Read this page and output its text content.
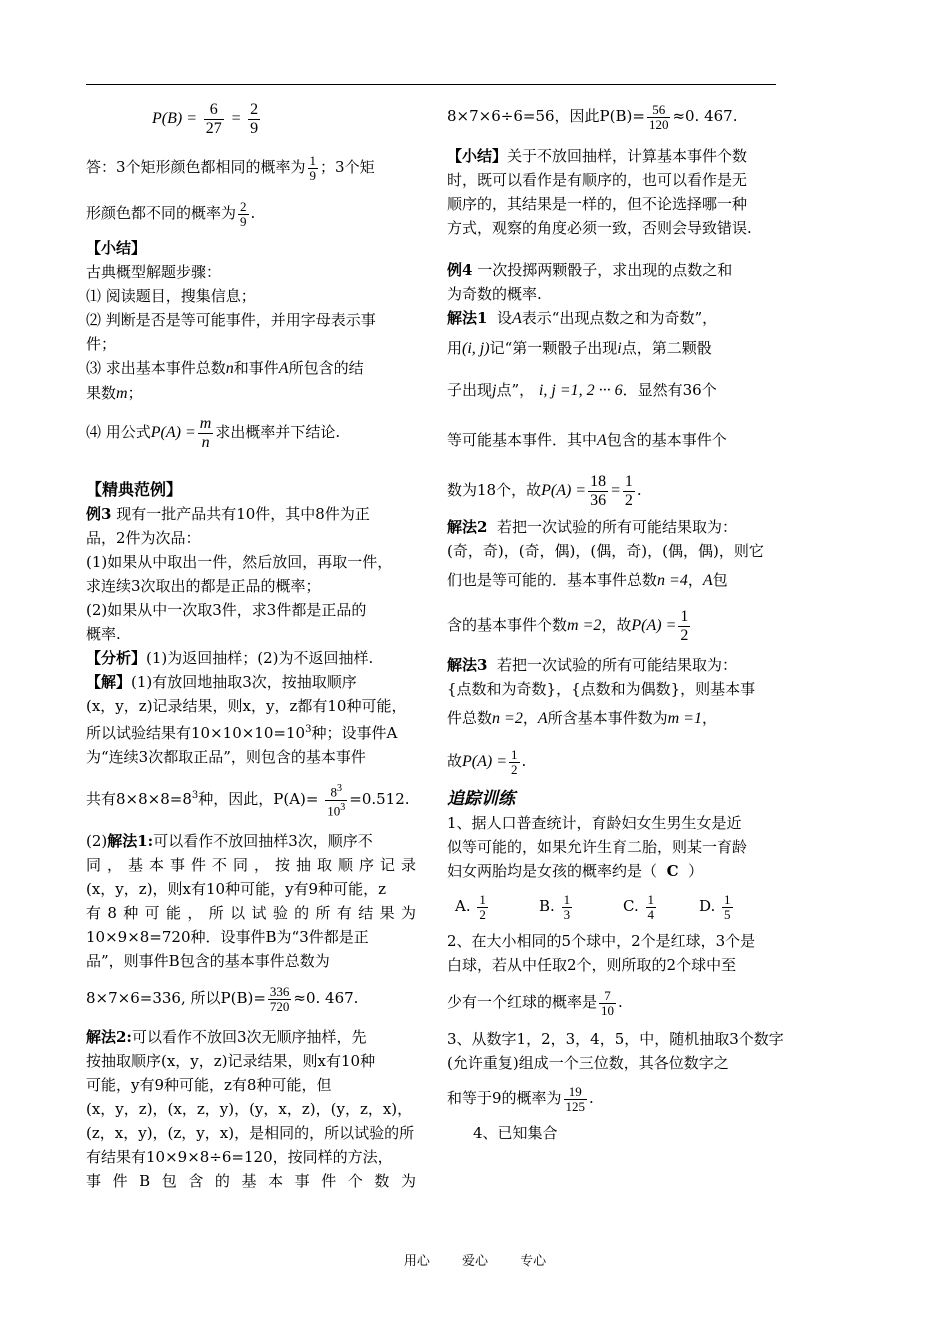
$P(B) = \frac{6}{27} = \frac{2}{9}$
答：3个矩形颜色都相同的概率为 $\frac{1}{9}$ ；3个矩
形颜色都不同的概率为 $\frac{2}{9}$ .
【小结】
古典概型解题步骤：
⑴ 阅读题目，搜集信息；
⑵ 判断是否是等可能事件，并用字母表示事
件；
⑶ 求出基本事件总数n和事件A所包含的结
果数m；
⑷ 用公式$P(A) = \frac{m}{n}$ 求出概率并下结论.
【精典范例】
例3 现有一批产品共有10件，其中8件为正
品，2件为次品：
(1)如果从中取出一件，然后放回，再取一件，
求连续3次取出的都是正品的概率；
(2)如果从中一次取3件，求3件都是正品的
概率.
【分析】(1)为返回抽样；(2)为不返回抽样.
【解】(1)有放回地抽取3次，按抽取顺序
(x，y，z)记录结果，则x，y，z都有10种可能，
所以试验结果有$10\times 10\times 10=10^3$种；设事件A
为“连续3次都取正品”，则包含的基本事件
共有$8\times 8\times 8=8^3$种，因此，$P(A)= \frac{8^3}{10^3} =0.512$.
(2)解法1:可以看作不放回抽样3次，顺序不
同，基本事件不同，按抽取顺序记录
(x，y，z)，则x有10种可能，y有9种可能，z
有8种可能，所以试验的所有结果为
10×9×8=720种．设事件B为“3件都是正
品”，则事件B包含的基本事件总数为
8×7×6=336, 所以$P(B)= \frac{336}{720} \approx 0$. 467.
解法2:可以看作不放回3次无顺序抽样，先
按抽取顺序(x，y，z)记录结果，则x有10种
可能，y有9种可能，z有8种可能，但
(x，y，z)，(x，z，y)，(y，x，z)，(y，z，x)，
(z，x，y)，(z，y，x)，是相同的，所以试验的所
有结果有10×9×8÷6=120，按同样的方法，
事件B包含的基本事件个数为
8×7×6÷6=56，因此$P(B)= \frac{56}{120} \approx 0$. 467.
【小结】关于不放回抽样，计算基本事件个数
时，既可以看作是有顺序的，也可以看作是无
顺序的，其结果是一样的，但不论选择哪一种
方式，观察的角度必须一致，否则会导致错误.
例4 一次投掷两颗骰子，求出现的点数之和
为奇数的概率.
解法1 设A表示“出现点数之和为奇数”，
用(i, j)记“第一颗骰子出现i点，第二颗骰
子出现j点”， i, j =1, 2 ··· 6．显然有36个
等可能基本事件．其中A包含的基本事件个
数为18个，故$P(A) = \frac{18}{36} = \frac{1}{2}$ .
解法2 若把一次试验的所有可能结果取为：
(奇，奇)，(奇，偶)，(偶，奇)，(偶，偶)，则它
们也是等可能的．基本事件总数n =4，A包
含的基本事件个数m =2，故$P(A) = \frac{1}{2}$
解法3 若把一次试验的所有可能结果取为：
{点数和为奇数}，{点数和为偶数}，则基本事
件总数n =2，A所含基本事件数为m =1，
故$P(A) = \frac{1}{2}$ .
追踪训练
1、据人口普查统计，育龄妇女生男生女是近
似等可能的，如果允许生育二胎，则某一育龄
妇女两胎均是女孩的概率约是（ C ）
A. $\frac{1}{2}$	B. $\frac{1}{3}$	C. $\frac{1}{4}$	D. $\frac{1}{5}$
2、在大小相同的5个球中，2个是红球，3个是
白球，若从中任取2个，则所取的2个球中至
少有一个红球的概率是 $\frac{7}{10}$ .
3、从数字1，2，3，4，5，中，随机抽取3个数字
(允许重复)组成一个三位数，其各位数字之
和等于9的概率为 $\frac{19}{125}$ .
4、已知集合
用心 爱心 专心
